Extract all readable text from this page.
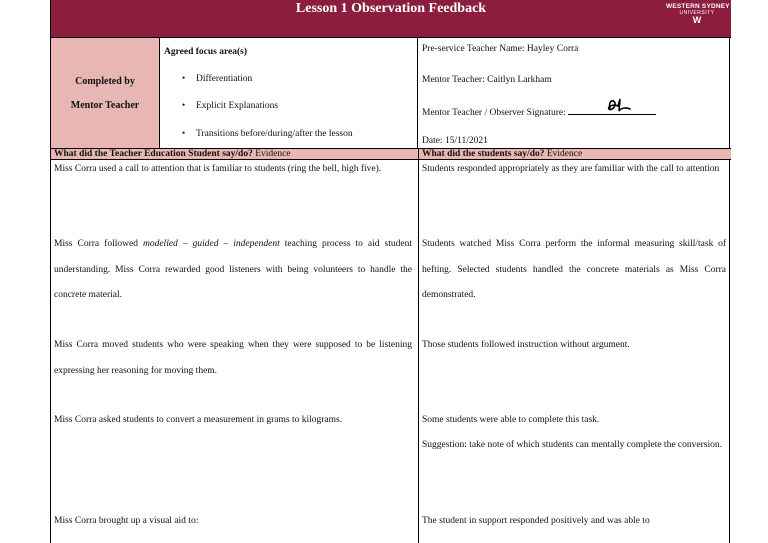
Lesson 1 Observation Feedback	WESTERN SYDNEY
UNIVERSITY
W
Completed by
Mentor Teacher
Agreed focus area(s)
• Differentiation
• Explicit Explanations
• Transitions before/during/after the lesson
Pre-service Teacher Name: Hayley Corra
Mentor Teacher: Caitlyn Larkham
Mentor Teacher / Observer Signature:
Date: 15/11/2021
What did the Teacher Education Student say/do? Evidence	What did the students say/do? Evidence
Miss Corra used a call to attention that is familiar to students (ring the bell, high five).
Miss Corra followed modelled – guided – independent teaching process to aid student understanding. Miss Corra rewarded good listeners with being volunteers to handle the concrete material.
Miss Corra moved students who were speaking when they were supposed to be listening expressing her reasoning for moving them.
Miss Corra asked students to convert a measurement in grams to kilograms.
Miss Corra brought up a visual aid to:
Students responded appropriately as they are familiar with the call to attention
Students watched Miss Corra perform the informal measuring skill/task of hefting. Selected students handled the concrete materials as Miss Corra demonstrated.
Those students followed instruction without argument.
Some students were able to complete this task.
Suggestion: take note of which students can mentally complete the conversion.
The student in support responded positively and was able to
